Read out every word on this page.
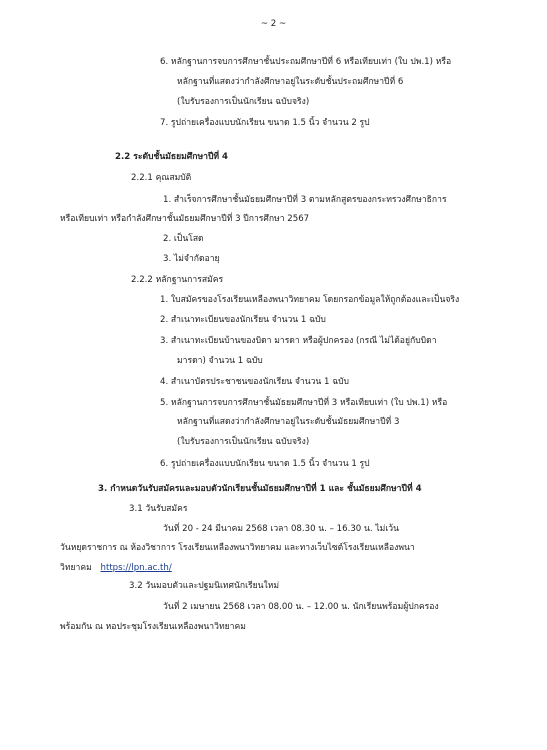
~ 2 ~
6. หลักฐานการจบการศึกษาชั้นประถมศึกษาปีที่ 6 หรือเทียบเท่า (ใบ ปพ.1) หรือ
หลักฐานที่แสดงว่ากำลังศึกษาอยู่ในระดับชั้นประถมศึกษาปีที่ 6
(ใบรับรองการเป็นนักเรียน ฉบับจริง)
7. รูปถ่ายเครื่องแบบนักเรียน ขนาด 1.5 นิ้ว จำนวน 2 รูป
2.2 ระดับชั้นมัธยมศึกษาปีที่ 4
2.2.1 คุณสมบัติ
1. สำเร็จการศึกษาชั้นมัธยมศึกษาปีที่ 3 ตามหลักสูตรของกระทรวงศึกษาธิการ
หรือเทียบเท่า หรือกำลังศึกษาชั้นมัธยมศึกษาปีที่ 3 ปีการศึกษา 2567
2. เป็นโสด
3. ไม่จำกัดอายุ
2.2.2 หลักฐานการสมัคร
1. ใบสมัครของโรงเรียนเหลืองพนาวิทยาคม โดยกรอกข้อมูลให้ถูกต้องและเป็นจริง
2. สำเนาทะเบียนของนักเรียน จำนวน 1 ฉบับ
3. สำเนาทะเบียนบ้านของบิดา มารดา หรือผู้ปกครอง (กรณี ไม่ได้อยู่กับบิดา
มารดา) จำนวน 1 ฉบับ
4. สำเนาบัตรประชาชนของนักเรียน จำนวน 1 ฉบับ
5. หลักฐานการจบการศึกษาชั้นมัธยมศึกษาปีที่ 3 หรือเทียบเท่า (ใบ ปพ.1) หรือ
หลักฐานที่แสดงว่ากำลังศึกษาอยู่ในระดับชั้นมัธยมศึกษาปีที่ 3
(ใบรับรองการเป็นนักเรียน ฉบับจริง)
6. รูปถ่ายเครื่องแบบนักเรียน ขนาด 1.5 นิ้ว จำนวน 1 รูป
3. กำหนดวันรับสมัครและมอบตัวนักเรียนชั้นมัธยมศึกษาปีที่ 1 และ ชั้นมัธยมศึกษาปีที่ 4
3.1 วันรับสมัคร
วันที่ 20 - 24 มีนาคม 2568 เวลา 08.30 น. – 16.30 น. ไม่เว้น
วันหยุดราชการ ณ ห้องวิชาการ โรงเรียนเหลืองพนาวิทยาคม และทางเว็บไซต์โรงเรียนเหลืองพนา
วิทยาคม https://lpn.ac.th/
3.2 วันมอบตัวและปฐมนิเทศนักเรียนใหม่
วันที่ 2 เมษายน 2568 เวลา 08.00 น. – 12.00 น. นักเรียนพร้อมผู้ปกครอง
พร้อมกัน ณ หอประชุมโรงเรียนเหลืองพนาวิทยาคม
